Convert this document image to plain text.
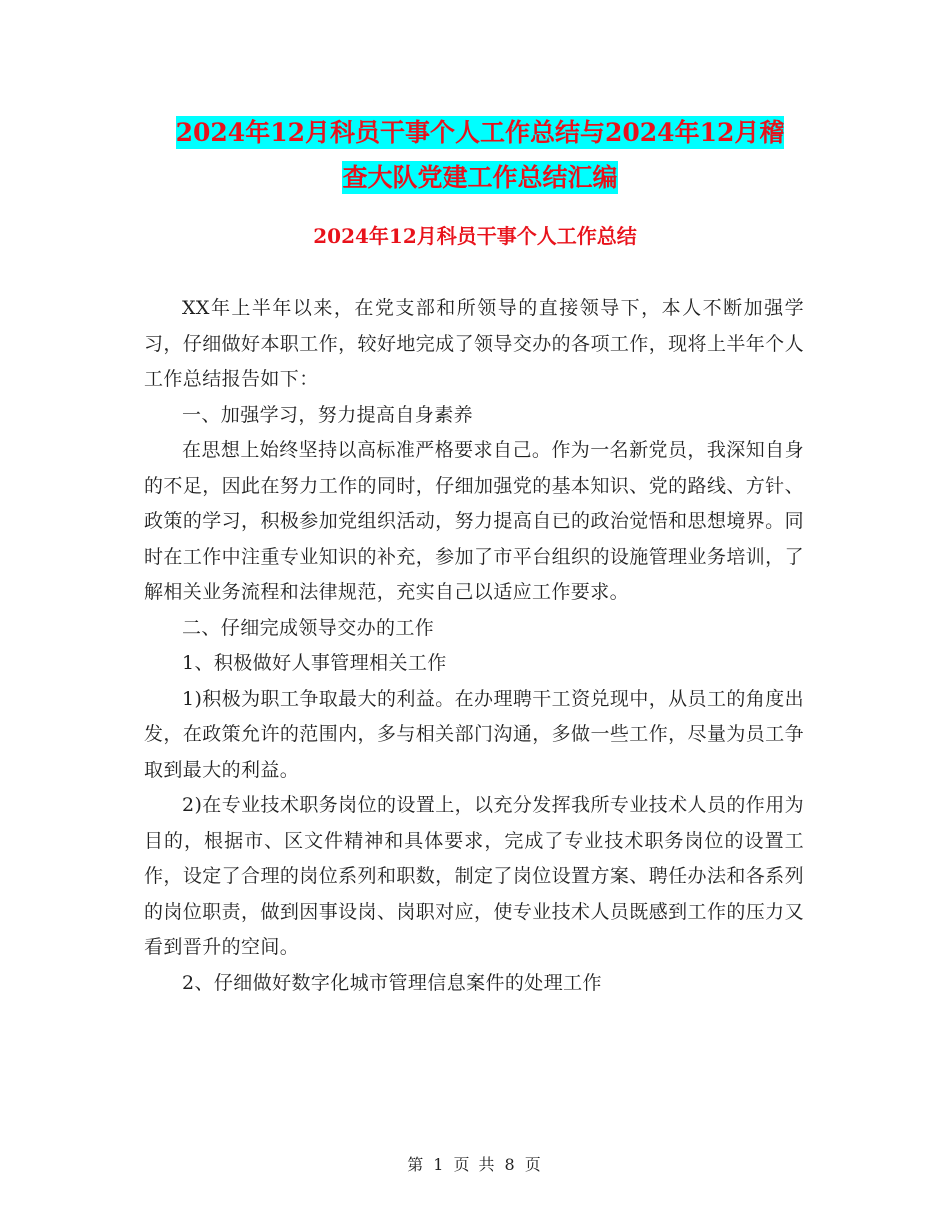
2024年12月科员干事个人工作总结与2024年12月稽
查大队党建工作总结汇编
2024年12月科员干事个人工作总结

XX年上半年以来，在党支部和所领导的直接领导下，本人不断加强学习，仔细做好本职工作，较好地完成了领导交办的各项工作，现将上半年个人工作总结报告如下：

一、加强学习，努力提高自身素养

在思想上始终坚持以高标准严格要求自己。作为一名新党员，我深知自身的不足，因此在努力工作的同时，仔细加强党的基本知识、党的路线、方针、政策的学习，积极参加党组织活动，努力提高自已的政治觉悟和思想境界。同时在工作中注重专业知识的补充，参加了市平台组织的设施管理业务培训，了解相关业务流程和法律规范，充实自己以适应工作要求。

二、仔细完成领导交办的工作

1、积极做好人事管理相关工作

1)积极为职工争取最大的利益。在办理聘干工资兑现中，从员工的角度出发，在政策允许的范围内，多与相关部门沟通，多做一些工作，尽量为员工争取到最大的利益。

2)在专业技术职务岗位的设置上，以充分发挥我所专业技术人员的作用为目的，根据市、区文件精神和具体要求，完成了专业技术职务岗位的设置工作，设定了合理的岗位系列和职数，制定了岗位设置方案、聘任办法和各系列的岗位职责，做到因事设岗、岗职对应，使专业技术人员既感到工作的压力又看到晋升的空间。

2、仔细做好数字化城市管理信息案件的处理工作

第 1 页 共 8 页
